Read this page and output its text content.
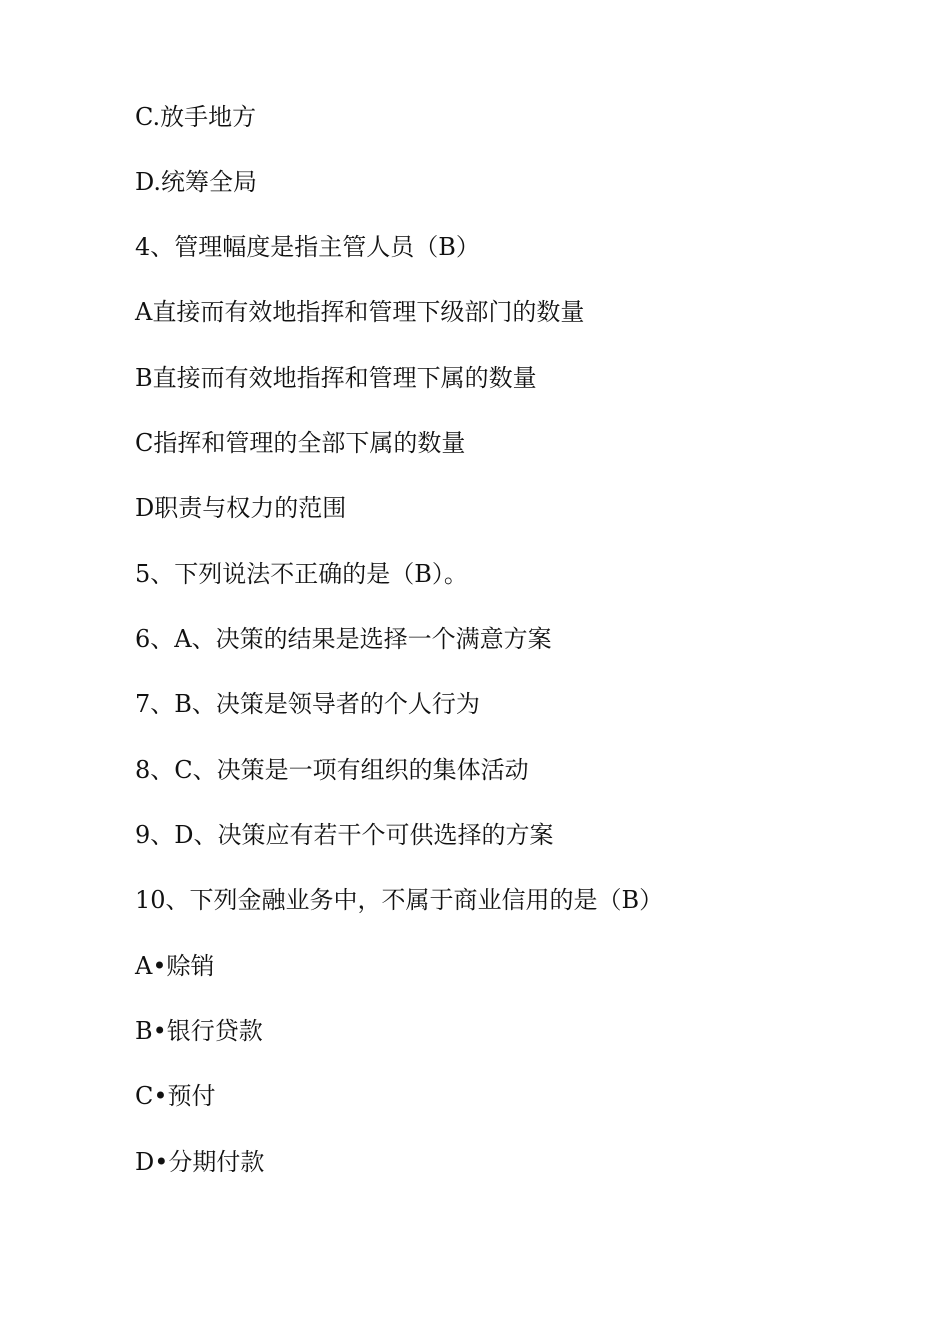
C.放手地方

D.统筹全局

4、管理幅度是指主管人员（B）

A直接而有效地指挥和管理下级部门的数量

B直接而有效地指挥和管理下属的数量

C指挥和管理的全部下属的数量

D职责与权力的范围

5、下列说法不正确的是（B）。

6、A、决策的结果是选择一个满意方案

7、B、决策是领导者的个人行为

8、C、决策是一项有组织的集体活动

9、D、决策应有若干个可供选择的方案

10、下列金融业务中，不属于商业信用的是（B）

A•赊销

B•银行贷款

C•预付

D•分期付款
